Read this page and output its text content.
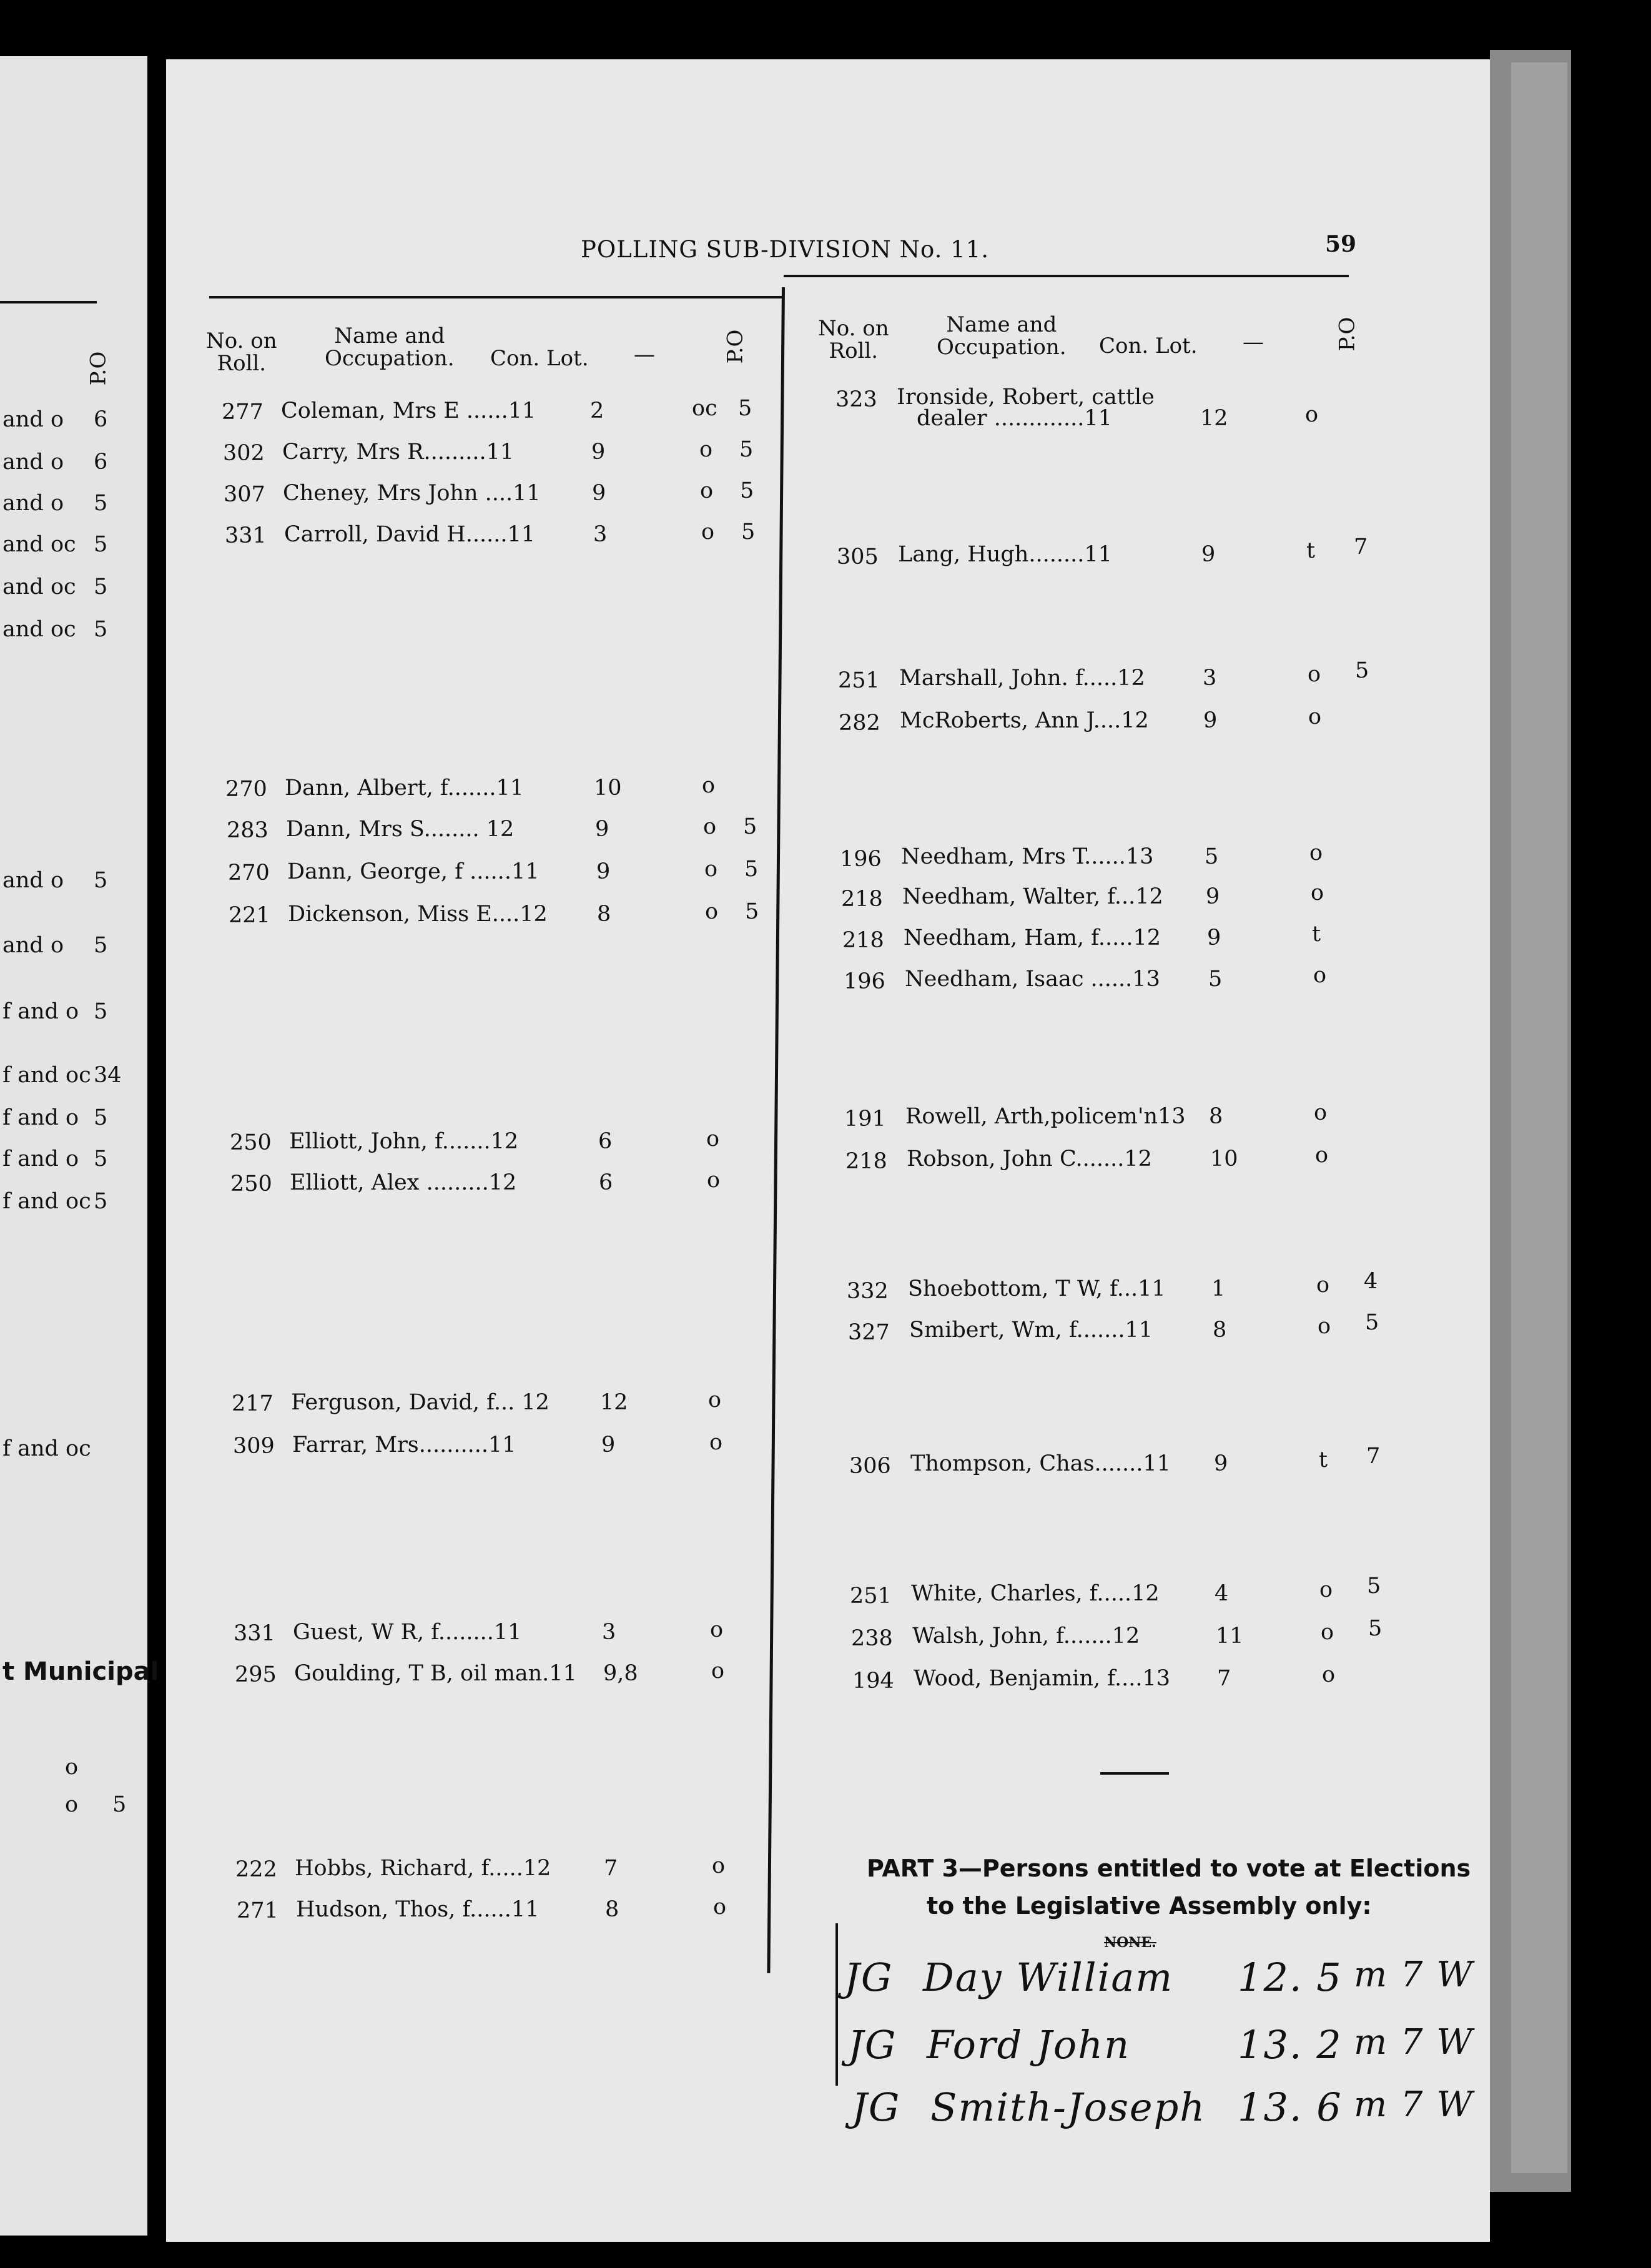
P.O
and o 6
and o 6
and o 5
and oc 5
and oc 5
and oc 5
and o 5
and o 5
f and o 5
f and oc 34
f and o 5
f and o 5
f and oc 5
f and oc
t Municipal
o
o 5
POLLING SUB-DIVISION No. 11.	59
No. on
Roll.
Name and
Occupation. Con. Lot. —	P.O
No. on
Roll.
Name and
Occupation. Con. Lot. —	P.O
277 Coleman, Mrs E ......11 2	oc 5
302 Carry, Mrs R.........11	9	o 5
307 Cheney, Mrs John ....11 9	o 5
331 Carroll, David H......11	3	o 5
270 Dann, Albert, f.......11	10	o
283 Dann, Mrs S........ 12	9	o 5
270 Dann, George, f ......11	9	o 5
221 Dickenson, Miss E....12 8	o 5
250 Elliott, John, f.......12	6	o
250 Elliott, Alex .........12	6	o
217 Ferguson, David, f... 12 12	o
309 Farrar, Mrs..........11	9	o
331 Guest, W R, f........11	3	o
295 Goulding, T B, oil man.11 9,8	o
222 Hobbs, Richard, f.....12 7	o
271 Hudson, Thos, f......11	8	o
323 Ironside, Robert, cattle
dealer .............11	12	o
305 Lang, Hugh........11	9	t 7
251 Marshall, John. f.....12	3	o 5
282 McRoberts, Ann J....12 9	o
196 Needham, Mrs T......13 5	o
218 Needham, Walter, f...12 9	o
218 Needham, Ham, f.....12 9	t
196 Needham, Isaac ......13 5	o
191 Rowell, Arth,policem'n13 8	o
218 Robson, John C.......12	10	o
332 Shoebottom, T W, f...11 1	o 4
327 Smibert, Wm, f.......11	8	o 5
306 Thompson, Chas.......11 9	t 7
251 White, Charles, f.....12	4	o 5
238 Walsh, John, f.......12	11	o 5
194 Wood, Benjamin, f....13 7	o
PART 3—Persons entitled to vote at Elections
to the Legislative Assembly only:
NONE.
JG Day William 12. 5 m 7 W
JG Ford John	13. 2 m 7 W
JG Smith-Joseph 13. 6 m 7 W
